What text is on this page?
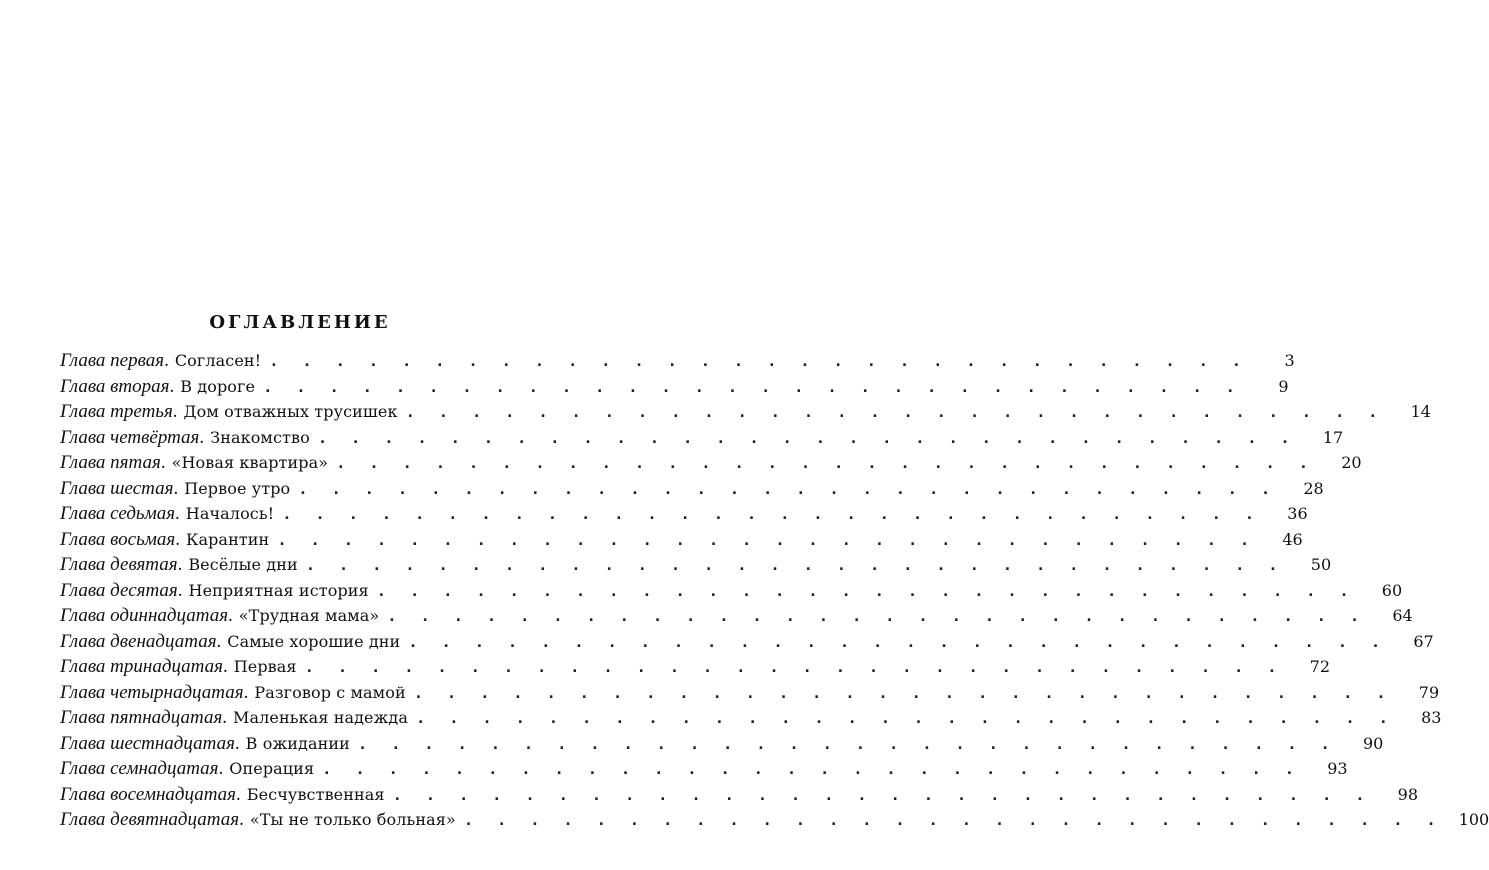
ОГЛАВЛЕНИЕ
Глава первая . Согласен! . . . . . . . . . . . . . . . . . . . . . . . . . . . . . .	3
Глава вторая . В дороге . . . . . . . . . . . . . . . . . . . . . . . . . . . . . .	9
Глава третья . Дом отважных трусишек . . . . . . . . . . . . . . . . . . . . . . . . . . . . . .	14
Глава четвёртая . Знакомство . . . . . . . . . . . . . . . . . . . . . . . . . . . . . .	17
Глава пятая . «Новая квартира» . . . . . . . . . . . . . . . . . . . . . . . . . . . . . .	20
Глава шестая . Первое утро . . . . . . . . . . . . . . . . . . . . . . . . . . . . . .	28
Глава седьмая . Началось! . . . . . . . . . . . . . . . . . . . . . . . . . . . . . .	36
Глава восьмая . Карантин . . . . . . . . . . . . . . . . . . . . . . . . . . . . . .	46
Глава девятая . Весёлые дни . . . . . . . . . . . . . . . . . . . . . . . . . . . . . .	50
Глава десятая . Неприятная история . . . . . . . . . . . . . . . . . . . . . . . . . . . . . .	60
Глава одиннадцатая . «Трудная мама» . . . . . . . . . . . . . . . . . . . . . . . . . . . . . .	64
Глава двенадцатая . Самые хорошие дни . . . . . . . . . . . . . . . . . . . . . . . . . . . . . .	67
Глава тринадцатая . Первая . . . . . . . . . . . . . . . . . . . . . . . . . . . . . .	72
Глава четырнадцатая . Разговор с мамой . . . . . . . . . . . . . . . . . . . . . . . . . . . . . .	79
Глава пятнадцатая . Маленькая надежда . . . . . . . . . . . . . . . . . . . . . . . . . . . . . .	83
Глава шестнадцатая . В ожидании . . . . . . . . . . . . . . . . . . . . . . . . . . . . . .	90
Глава семнадцатая . Операция . . . . . . . . . . . . . . . . . . . . . . . . . . . . . .	93
Глава восемнадцатая . Бесчувственная . . . . . . . . . . . . . . . . . . . . . . . . . . . . . .	98
Глава девятнадцатая . «Ты не только больная» . . . . . . . . . . . . . . . . . . . . . . . . . . . . . . 100
